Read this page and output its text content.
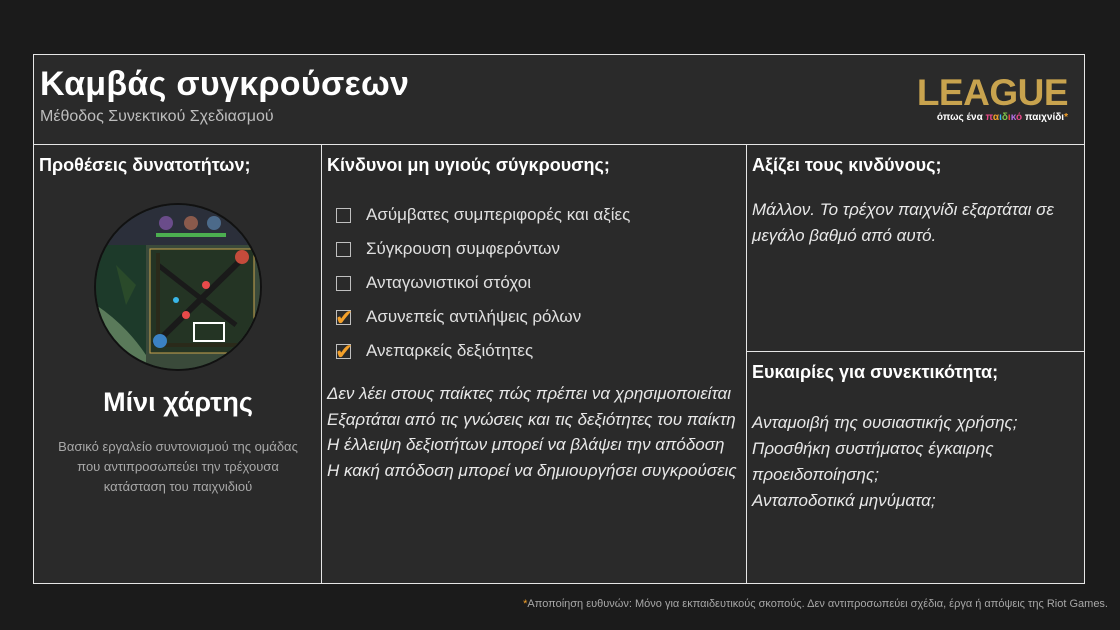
Καμβάς συγκρούσεων
Μέθοδος Συνεκτικού Σχεδιασμού
LEAGUE
όπως ένα παιδικό παιχνίδι*
Προθέσεις δυνατοτήτων;
Μίνι χάρτης
Βασικό εργαλείο συντονισμού της ομάδας που αντιπροσωπεύει την τρέχουσα κατάσταση του παιχνιδιού
Κίνδυνοι μη υγιούς σύγκρουσης;
Ασύμβατες συμπεριφορές και αξίες
Σύγκρουση συμφερόντων
Ανταγωνιστικοί στόχοι
✔ Ασυνεπείς αντιλήψεις ρόλων
✔ Ανεπαρκείς δεξιότητες
Δεν λέει στους παίκτες πώς πρέπει να χρησιμοποιείται
Εξαρτάται από τις γνώσεις και τις δεξιότητες του παίκτη
Η έλλειψη δεξιοτήτων μπορεί να βλάψει την απόδοση
Η κακή απόδοση μπορεί να δημιουργήσει συγκρούσεις
Αξίζει τους κινδύνους;
Μάλλον. Το τρέχον παιχνίδι εξαρτάται σε μεγάλο βαθμό από αυτό.
Ευκαιρίες για συνεκτικότητα;
Ανταμοιβή της ουσιαστικής χρήσης;
Προσθήκη συστήματος έγκαιρης προειδοποίησης;
Ανταποδοτικά μηνύματα;
*Αποποίηση ευθυνών: Μόνο για εκπαιδευτικούς σκοπούς. Δεν αντιπροσωπεύει σχέδια, έργα ή απόψεις της Riot Games.
